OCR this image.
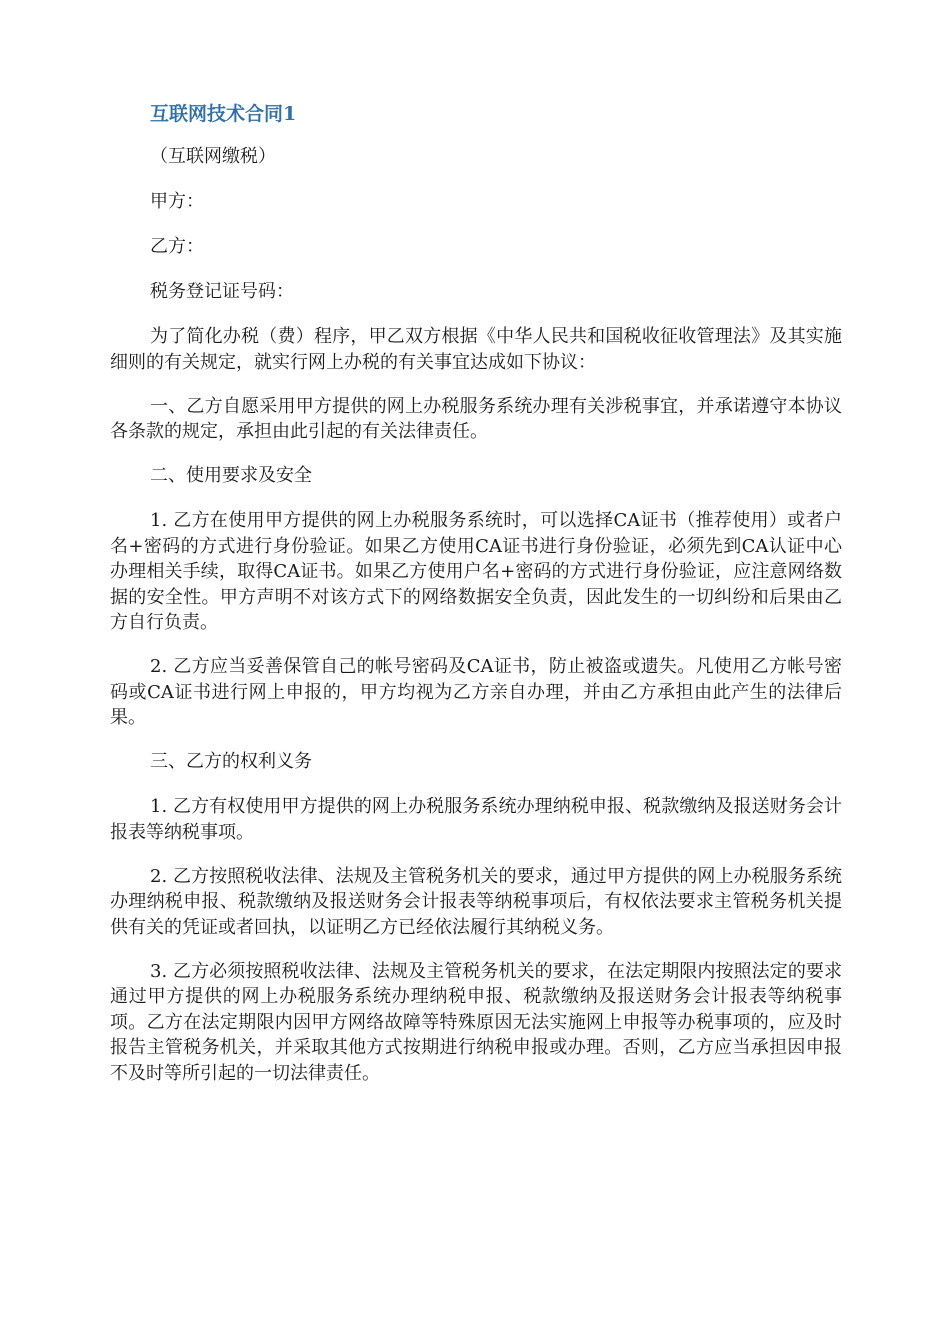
互联网技术合同1

（互联网缴税）

甲方：

乙方：

税务登记证号码：

为了简化办税（费）程序，甲乙双方根据《中华人民共和国税收征收管理法》及其实施细则的有关规定，就实行网上办税的有关事宜达成如下协议：

一、乙方自愿采用甲方提供的网上办税服务系统办理有关涉税事宜，并承诺遵守本协议各条款的规定，承担由此引起的有关法律责任。

二、使用要求及安全

1. 乙方在使用甲方提供的网上办税服务系统时，可以选择CA证书（推荐使用）或者户名+密码的方式进行身份验证。如果乙方使用CA证书进行身份验证，必须先到CA认证中心办理相关手续，取得CA证书。如果乙方使用户名+密码的方式进行身份验证，应注意网络数据的安全性。甲方声明不对该方式下的网络数据安全负责，因此发生的一切纠纷和后果由乙方自行负责。

2. 乙方应当妥善保管自己的帐号密码及CA证书，防止被盗或遗失。凡使用乙方帐号密码或CA证书进行网上申报的，甲方均视为乙方亲自办理，并由乙方承担由此产生的法律后果。

三、乙方的权利义务

1. 乙方有权使用甲方提供的网上办税服务系统办理纳税申报、税款缴纳及报送财务会计报表等纳税事项。

2. 乙方按照税收法律、法规及主管税务机关的要求，通过甲方提供的网上办税服务系统办理纳税申报、税款缴纳及报送财务会计报表等纳税事项后，有权依法要求主管税务机关提供有关的凭证或者回执，以证明乙方已经依法履行其纳税义务。

3. 乙方必须按照税收法律、法规及主管税务机关的要求，在法定期限内按照法定的要求通过甲方提供的网上办税服务系统办理纳税申报、税款缴纳及报送财务会计报表等纳税事项。乙方在法定期限内因甲方网络故障等特殊原因无法实施网上申报等办税事项的，应及时报告主管税务机关，并采取其他方式按期进行纳税申报或办理。否则，乙方应当承担因申报不及时等所引起的一切法律责任。
